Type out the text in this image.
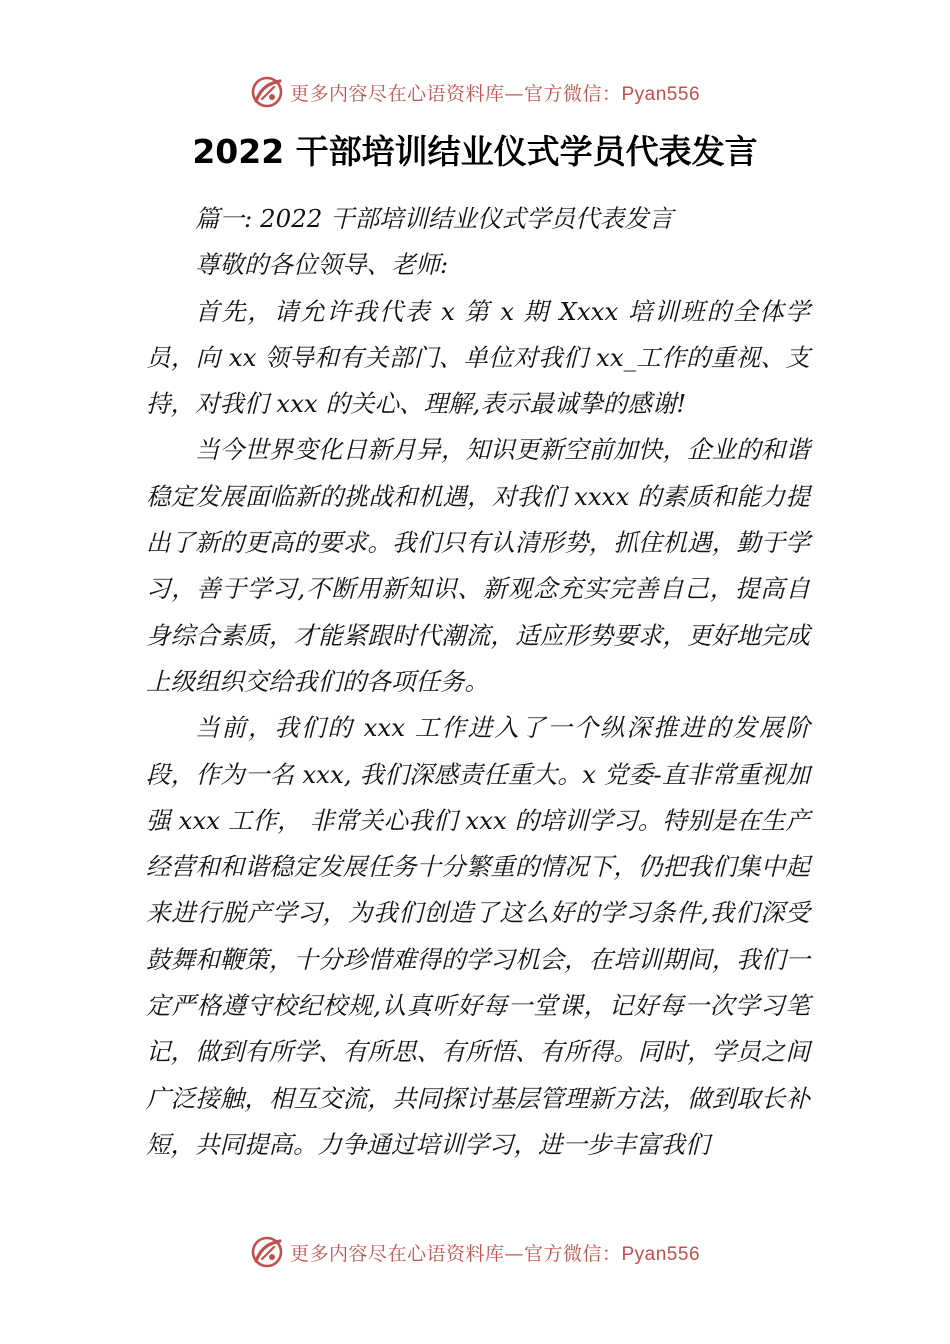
更多内容尽在心语资料库—官方微信：Pyan556
2022 干部培训结业仪式学员代表发言

篇一: 2022 干部培训结业仪式学员代表发言

尊敬的各位领导、老师:

首先，请允许我代表 x 第 x 期 Xxxx 培训班的全体学员，向 xx 领导和有关部门、单位对我们 xx_工作的重视、支持，对我们 xxx 的关心、理解,表示最诚挚的感谢!

当今世界变化日新月异，知识更新空前加快，企业的和谐稳定发展面临新的挑战和机遇，对我们 xxxx 的素质和能力提出了新的更高的要求。我们只有认清形势，抓住机遇，勤于学习，善于学习,不断用新知识、新观念充实完善自己，提高自身综合素质，才能紧跟时代潮流，适应形势要求，更好地完成上级组织交给我们的各项任务。

当前，我们的 xxx 工作进入了一个纵深推进的发展阶段，作为一名 xxx, 我们深感责任重大。x 党委-直非常重视加强 xxx 工作， 非常关心我们 xxx 的培训学习。特别是在生产经营和和谐稳定发展任务十分繁重的情况下，仍把我们集中起来进行脱产学习，为我们创造了这么好的学习条件,我们深受鼓舞和鞭策，十分珍惜难得的学习机会，在培训期间，我们一定严格遵守校纪校规,认真听好每一堂课，记好每一次学习笔记，做到有所学、有所思、有所悟、有所得。同时，学员之间广泛接触，相互交流，共同探讨基层管理新方法，做到取长补短，共同提高。力争通过培训学习，进一步丰富我们

更多内容尽在心语资料库—官方微信：Pyan556
